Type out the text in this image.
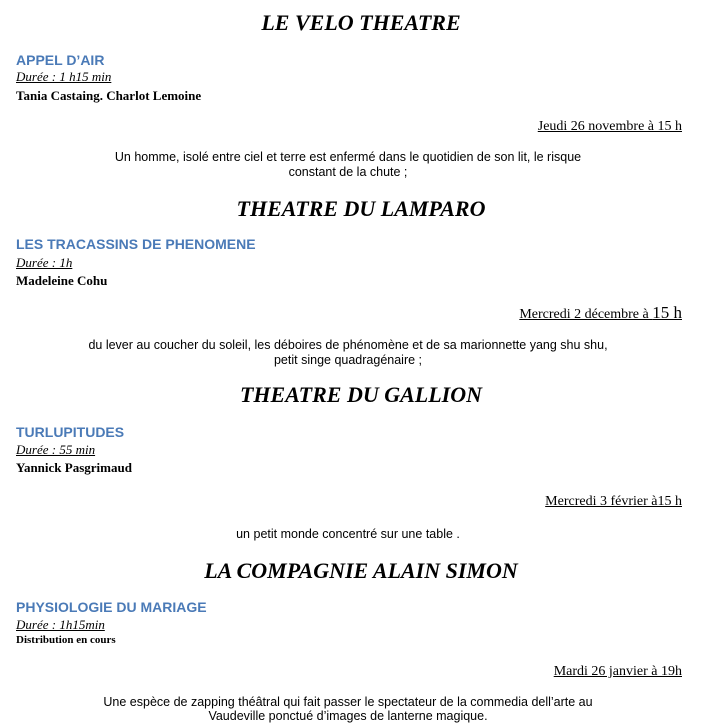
LE VELO THEATRE
APPEL D’AIR
Durée : 1 h15 min
Tania Castaing. Charlot Lemoine
Jeudi 26 novembre à 15 h
Un homme, isolé entre ciel et terre est enfermé dans le quotidien de son lit, le risque
constant de la chute ;
THEATRE DU LAMPARO
LES TRACASSINS DE PHENOMENE
Durée : 1h
Madeleine Cohu
Mercredi 2 décembre à 15 h
du lever au coucher du soleil, les déboires de phénomène et de sa marionnette yang shu shu,
petit singe quadragénaire ;
THEATRE DU GALLION
TURLUPITUDES
Durée : 55 min
Yannick Pasgrimaud
Mercredi 3 février à15 h
un petit monde concentré sur une table .
LA COMPAGNIE ALAIN SIMON
PHYSIOLOGIE DU MARIAGE
Durée : 1h15min
Distribution en cours
Mardi 26 janvier à 19h
Une espèce de zapping théâtral qui fait passer le spectateur de la commedia dell’arte au
Vaudeville ponctué d’images de lanterne magique.
